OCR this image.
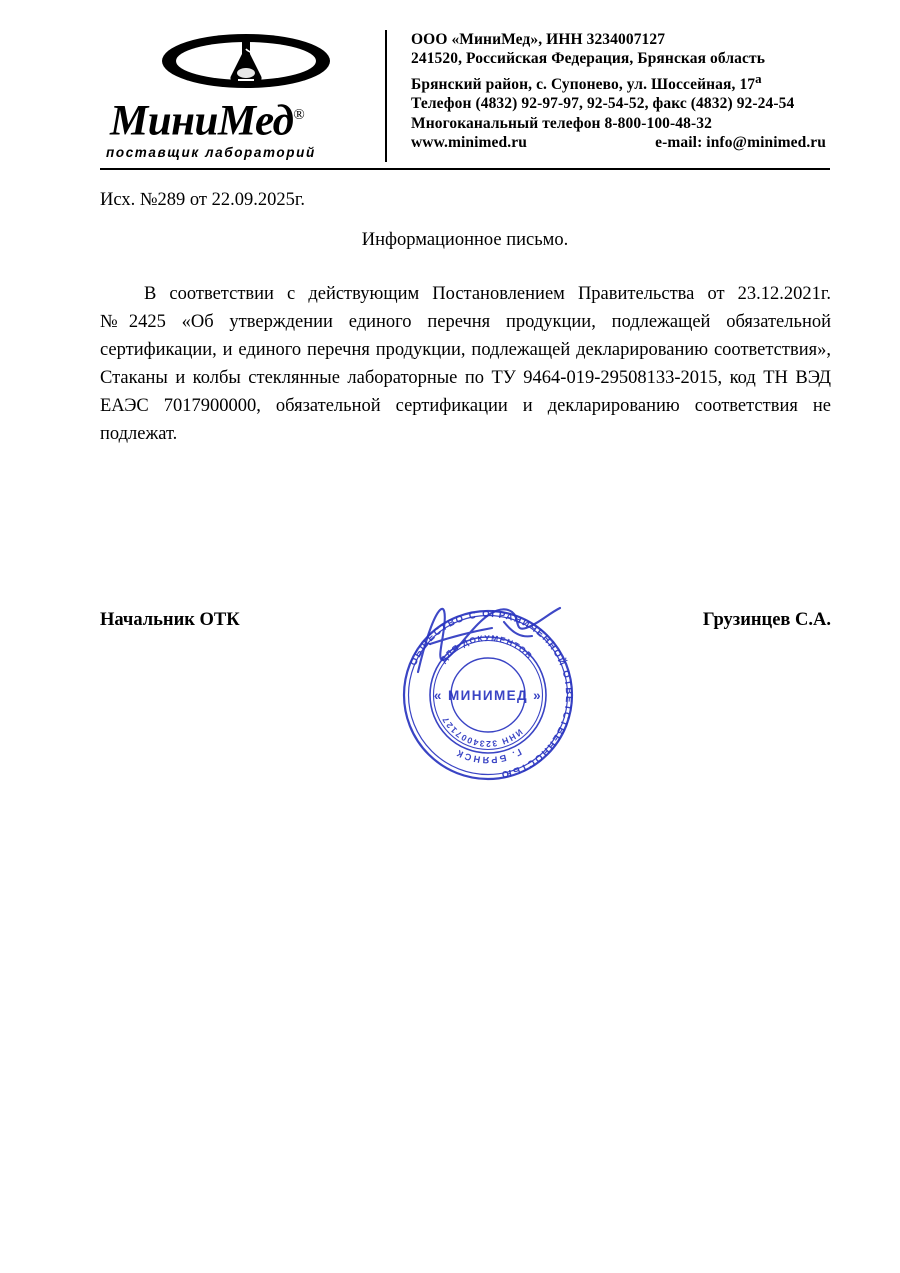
МиниМед®
поставщик лабораторий
ООО «МиниМед», ИНН 3234007127
241520, Российская Федерация, Брянская область
Брянский район, с. Супонево, ул. Шоссейная, $17^а$
Телефон (4832) 92-97-97, 92-54-52, факс (4832) 92-24-54
Многоканальный телефон 8-800-100-48-32
www.minimed.ru	e-mail: info@minimed.ru
Исх. №289 от 22.09.2025г.
Информационное письмо.
В соответствии с действующим Постановлением Правительства от 23.12.2021г. №2425 «Об утверждении единого перечня продукции, подлежащей обязательной сертификации, и единого перечня продукции, подлежащей декларированию соответствия», Стаканы и колбы стеклянные лабораторные по ТУ 9464-019-29508133-2015, код ТН ВЭД ЕАЭС 7017900000, обязательной сертификации и декларированию соответствия не подлежат.
Начальник ОТК	Грузинцев С.А.
ОБЩЕСТВО С ОГРАНИЧЕННОЙ ОТВЕТСТВЕННОСТЬЮ
ДЛЯ ДОКУМЕНТОВ
ИНН 3234007127
Г. БРЯНСК
« МИНИМЕД »
